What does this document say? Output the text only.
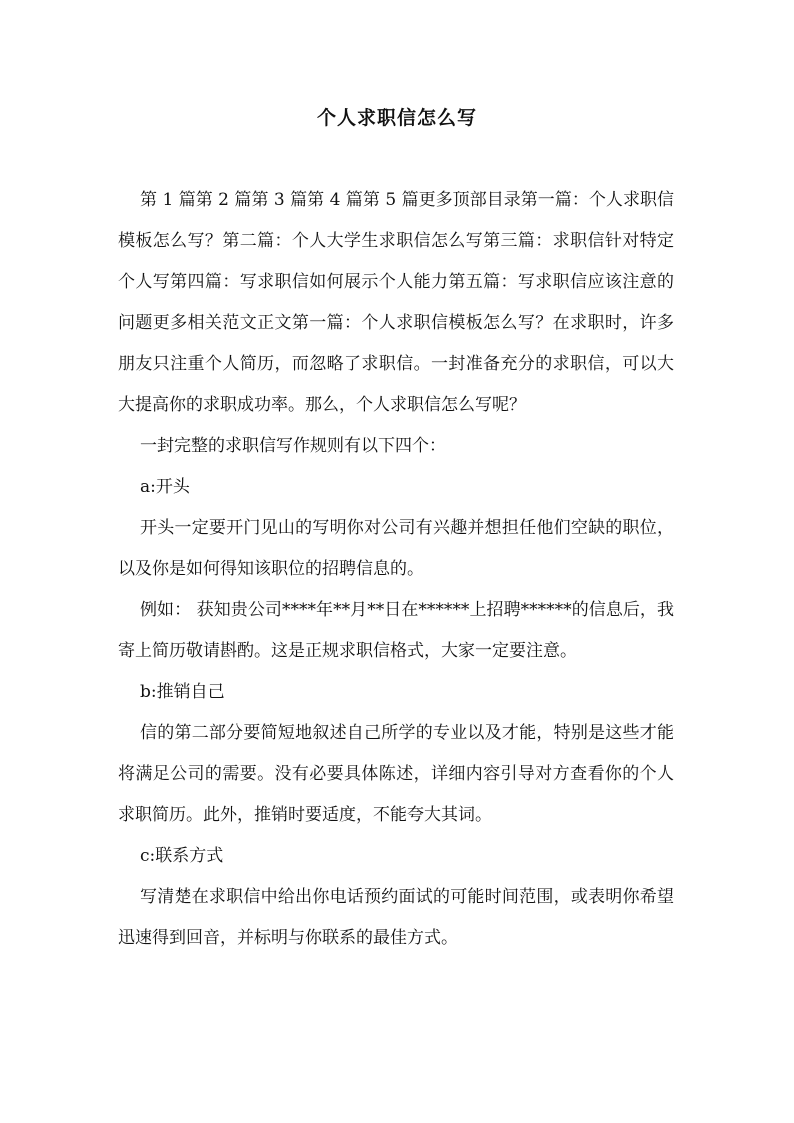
个人求职信怎么写

第 1 篇第 2 篇第 3 篇第 4 篇第 5 篇更多顶部目录第一篇：个人求职信模板怎么写？第二篇：个人大学生求职信怎么写第三篇：求职信针对特定个人写第四篇：写求职信如何展示个人能力第五篇：写求职信应该注意的问题更多相关范文正文第一篇：个人求职信模板怎么写？在求职时，许多朋友只注重个人简历，而忽略了求职信。一封准备充分的求职信，可以大大提高你的求职成功率。那么，个人求职信怎么写呢？

一封完整的求职信写作规则有以下四个：

a:开头

开头一定要开门见山的写明你对公司有兴趣并想担任他们空缺的职位，以及你是如何得知该职位的招聘信息的。

例如： 获知贵公司****年**月**日在******上招聘******的信息后，我寄上简历敬请斟酌。这是正规求职信格式，大家一定要注意。

b:推销自己

信的第二部分要简短地叙述自己所学的专业以及才能，特别是这些才能将满足公司的需要。没有必要具体陈述，详细内容引导对方查看你的个人求职简历。此外，推销时要适度，不能夸大其词。

c:联系方式

写清楚在求职信中给出你电话预约面试的可能时间范围，或表明你希望迅速得到回音，并标明与你联系的最佳方式。
